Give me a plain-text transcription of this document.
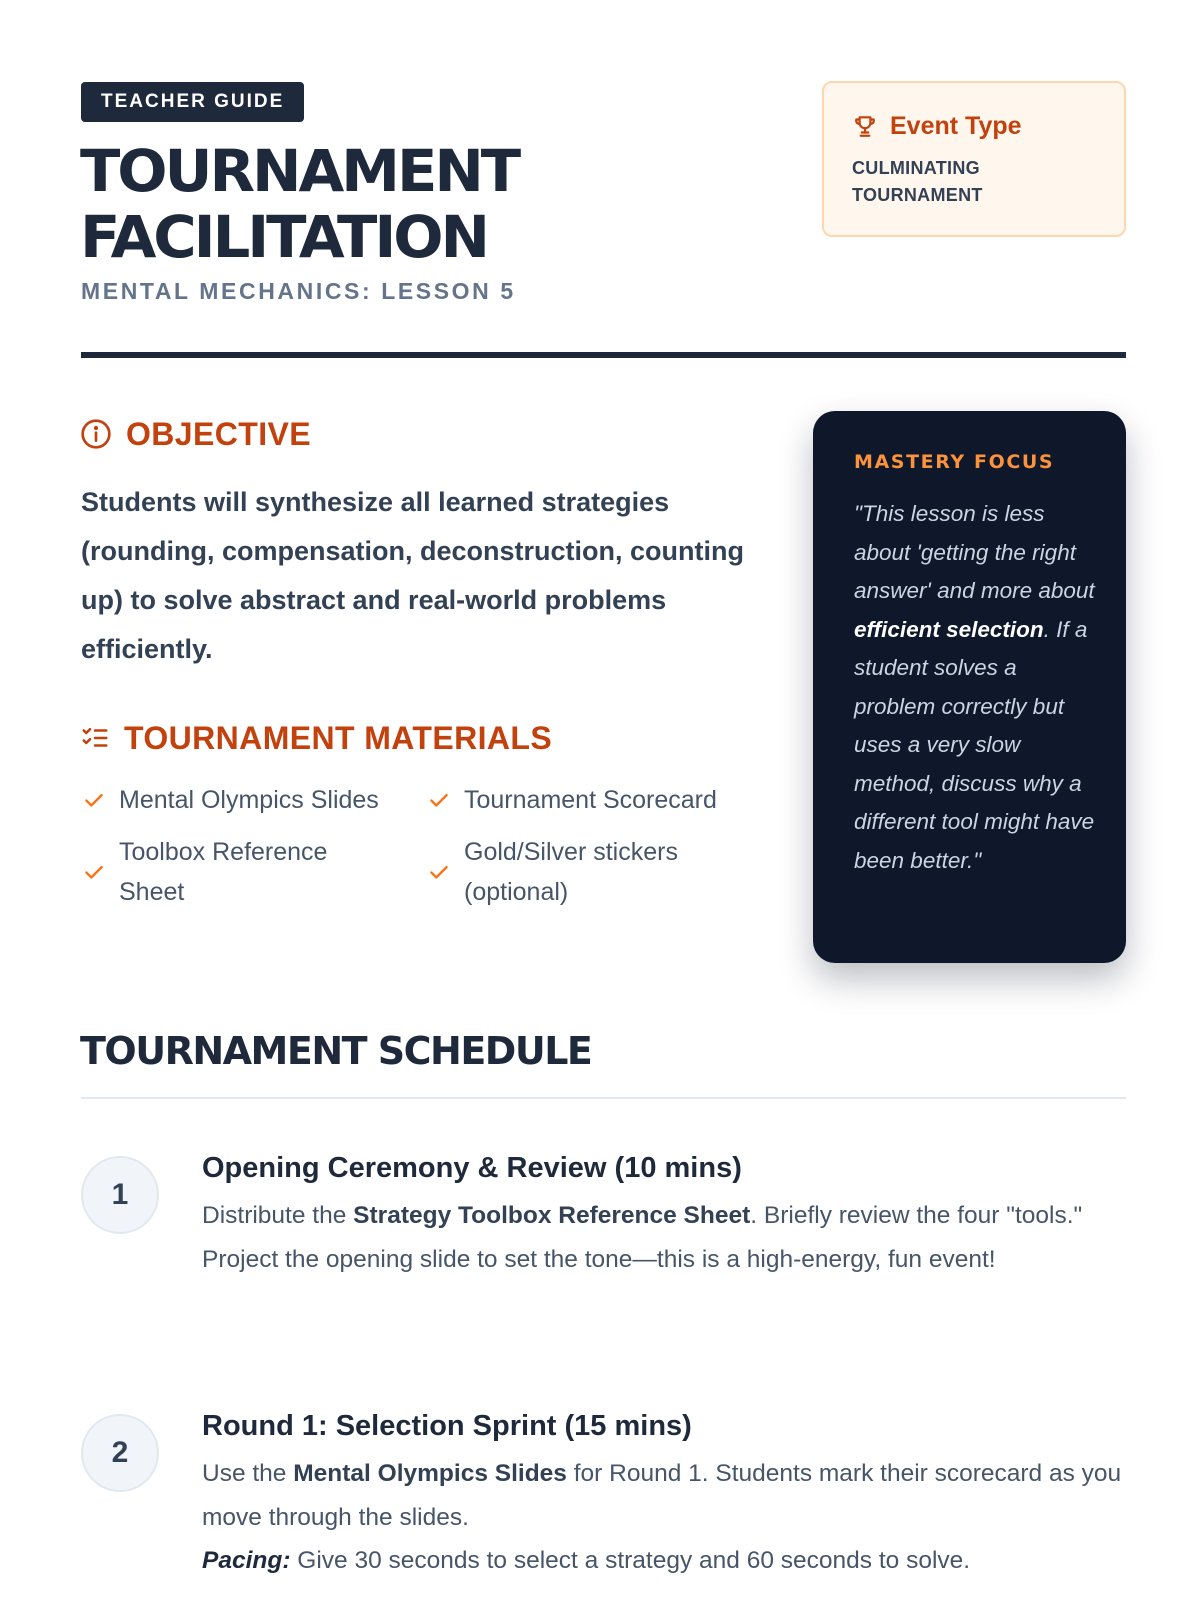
TEACHER GUIDE
TOURNAMENT
FACILITATION
MENTAL MECHANICS: LESSON 5
Event Type
CULMINATING TOURNAMENT
OBJECTIVE

Students will synthesize all learned strategies (rounding, compensation, deconstruction, counting up) to solve abstract and real-world problems efficiently.

TOURNAMENT MATERIALS
Mental Olympics Slides	Tournament Scorecard
Toolbox Reference Sheet
Gold/Silver stickers (optional)
MASTERY FOCUS
"This lesson is less about 'getting the right answer' and more about efficient selection. If a student solves a problem correctly but uses a very slow method, discuss why a different tool might have been better."
TOURNAMENT SCHEDULE
1
Opening Ceremony & Review (10 mins)
Distribute the Strategy Toolbox Reference Sheet. Briefly review the four "tools." Project the opening slide to set the tone—this is a high-energy, fun event!
2
Round 1: Selection Sprint (15 mins)
Use the Mental Olympics Slides for Round 1. Students mark their scorecard as you move through the slides.
Pacing: Give 30 seconds to select a strategy and 60 seconds to solve.
